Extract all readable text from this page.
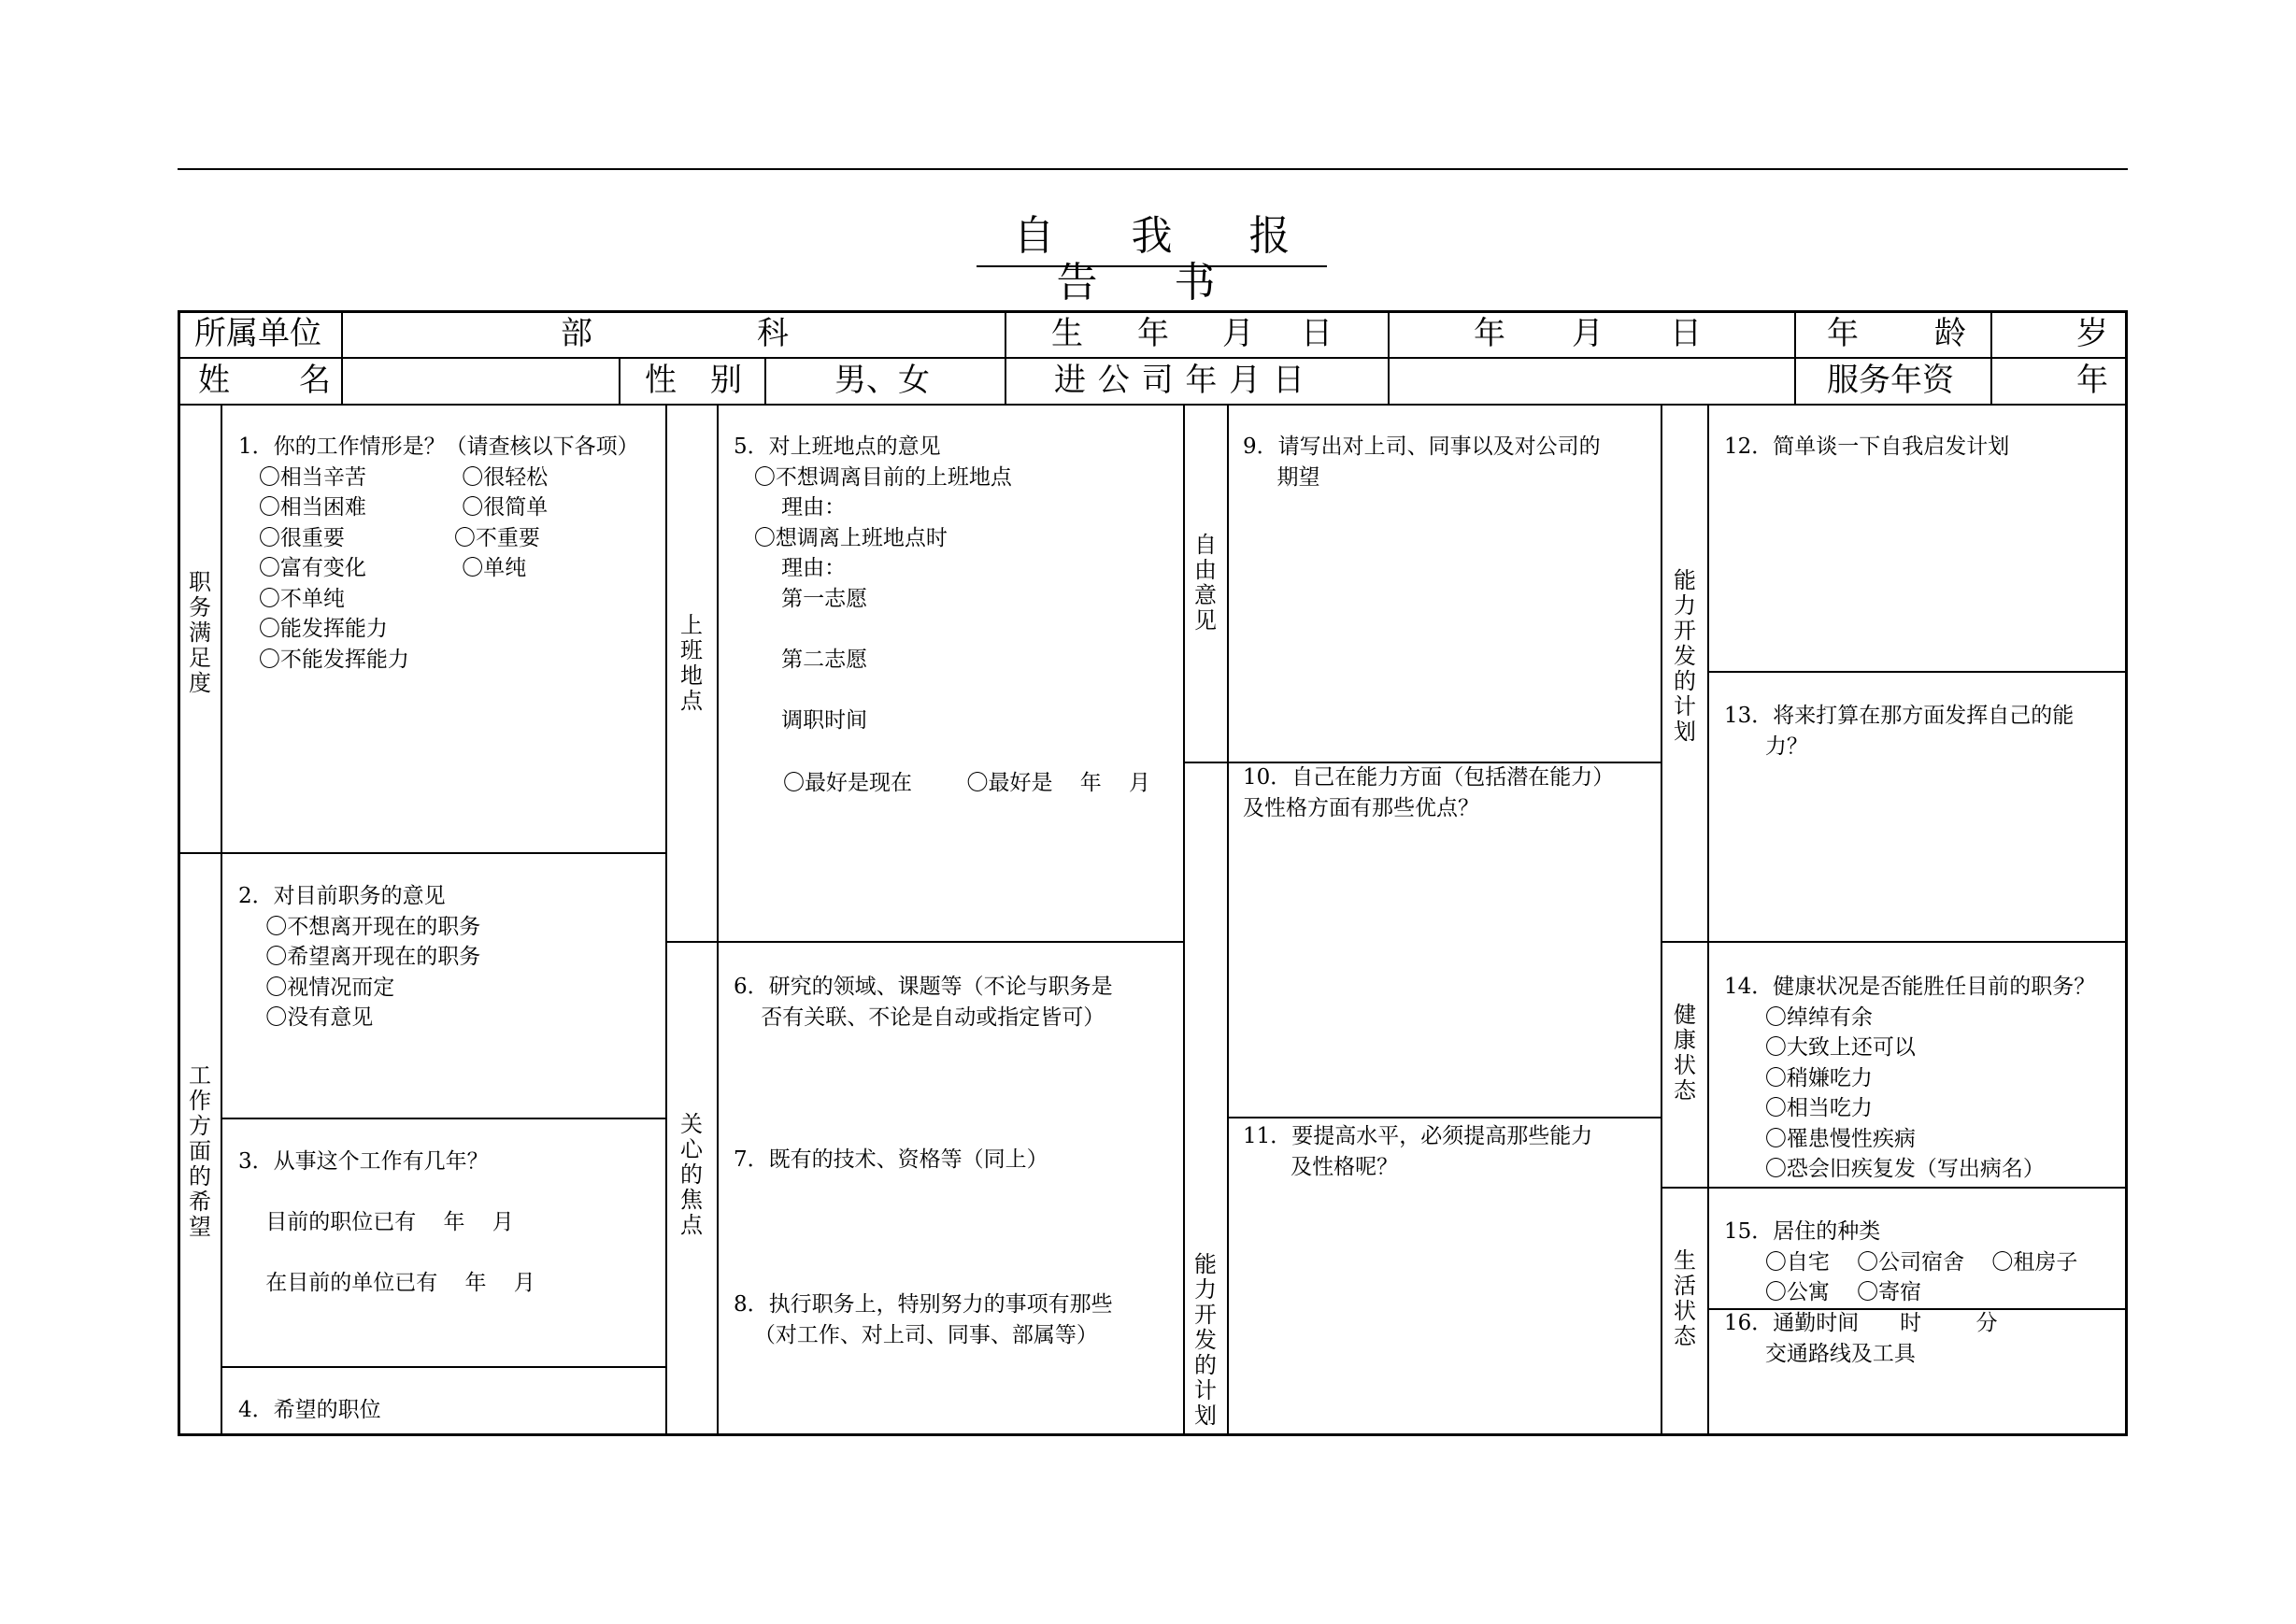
自 我 报 告 书
所属单位	部	科	生 年 月 日	年 月 日	年 龄	岁
姓 名	性 别	男、女	进 公 司 年 月 日	服务年资	年
职
务
满
足
度
工
作
方
面
的
希
望
上
班
地
点
关
心
的
焦
点
自
由
意
见
能
力
开
发
的
计
划
能
力
开
发
的
计
划
健
康
状
态
生
活
状
态
1．你的工作情形是？（请查核以下各项）
〇相当辛苦              〇很轻松
〇相当困难              〇很简单
〇很重要                〇不重要
〇富有变化              〇单纯
〇不单纯
〇能发挥能力
〇不能发挥能力
2．对目前职务的意见
〇不想离开现在的职务
〇希望离开现在的职务
〇视情况而定
〇没有意见
3．从事这个工作有几年？

目前的职位已有    年    月

在目前的单位已有    年    月
4．希望的职位
5．对上班地点的意见
〇不想调离目前的上班地点
理由：
〇想调离上班地点时
理由：
第一志愿

第二志愿

调职时间
〇最好是现在        〇最好是    年    月
6．研究的领域、课题等（不论与职务是
否有关联、不论是自动或指定皆可）
7．既有的技术、资格等（同上）
8．执行职务上，特别努力的事项有那些
（对工作、对上司、同事、部属等）
9．请写出对上司、同事以及对公司的
期望
10．自己在能力方面（包括潜在能力）
及性格方面有那些优点？
11．要提高水平，必须提高那些能力
及性格呢？
12．简单谈一下自我启发计划
13．将来打算在那方面发挥自己的能
力？
14．健康状况是否能胜任目前的职务？
〇绰绰有余
〇大致上还可以
〇稍嫌吃力
〇相当吃力
〇罹患慢性疾病
〇恐会旧疾复发（写出病名）
15．居住的种类
〇自宅    〇公司宿舍    〇租房子
〇公寓    〇寄宿
16．通勤时间      时        分
交通路线及工具
